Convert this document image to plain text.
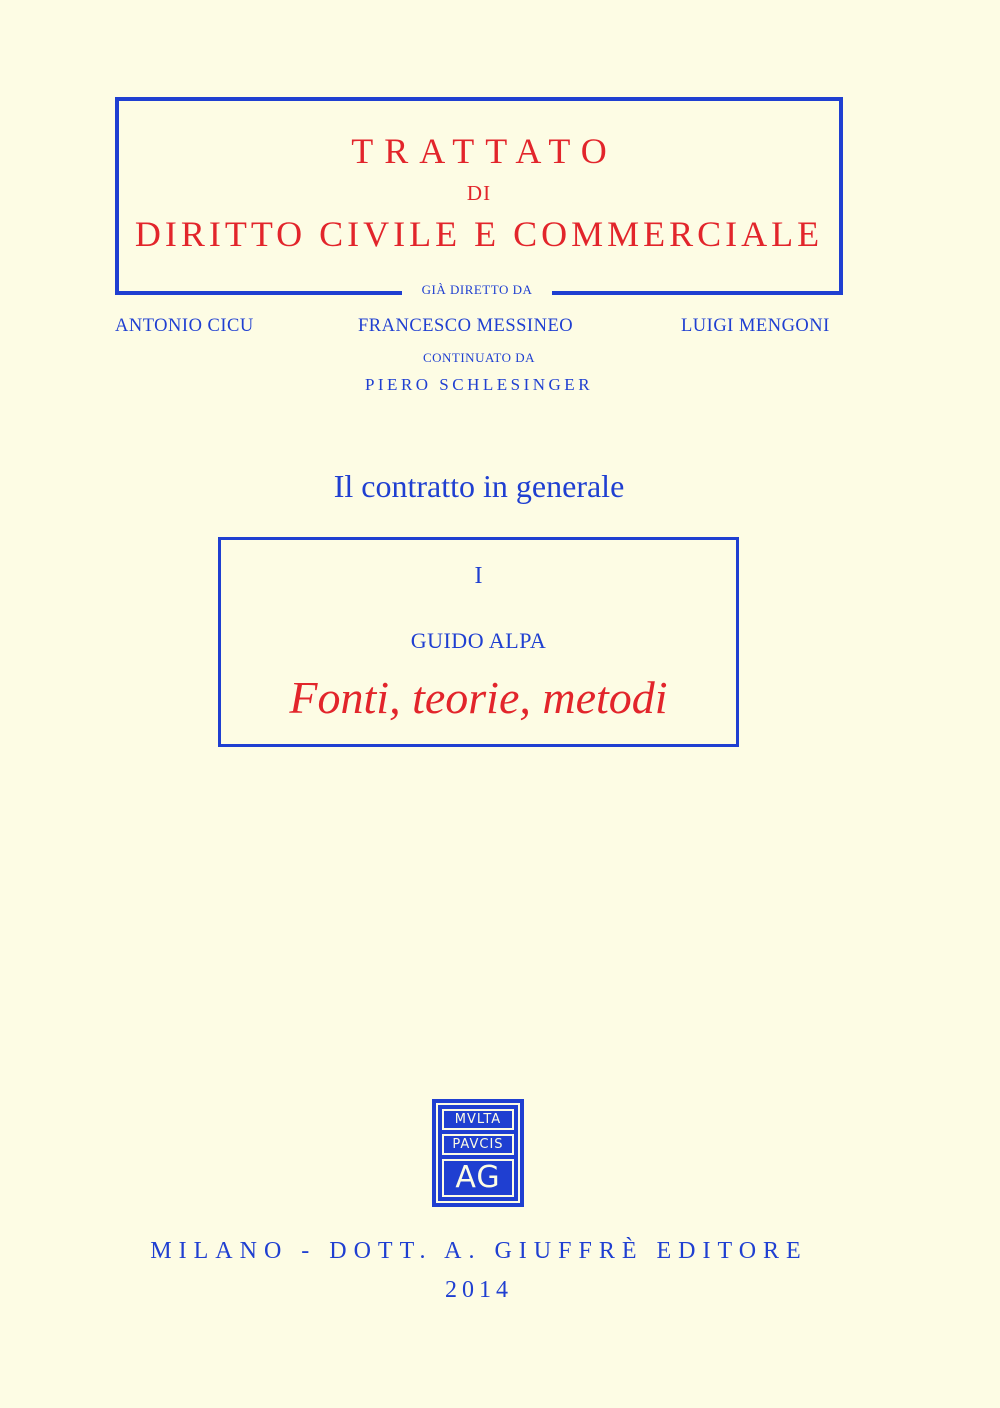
TRATTATO
DI
DIRITTO CIVILE E COMMERCIALE
GIÀ DIRETTO DA
ANTONIO CICU	FRANCESCO MESSINEO	LUIGI MENGONI
CONTINUATO DA
PIERO SCHLESINGER
Il contratto in generale
I
GUIDO ALPA
Fonti, teorie, metodi
MVLTA
PAVCIS
AG
MILANO - DOTT. A. GIUFFRÈ EDITORE
2014
